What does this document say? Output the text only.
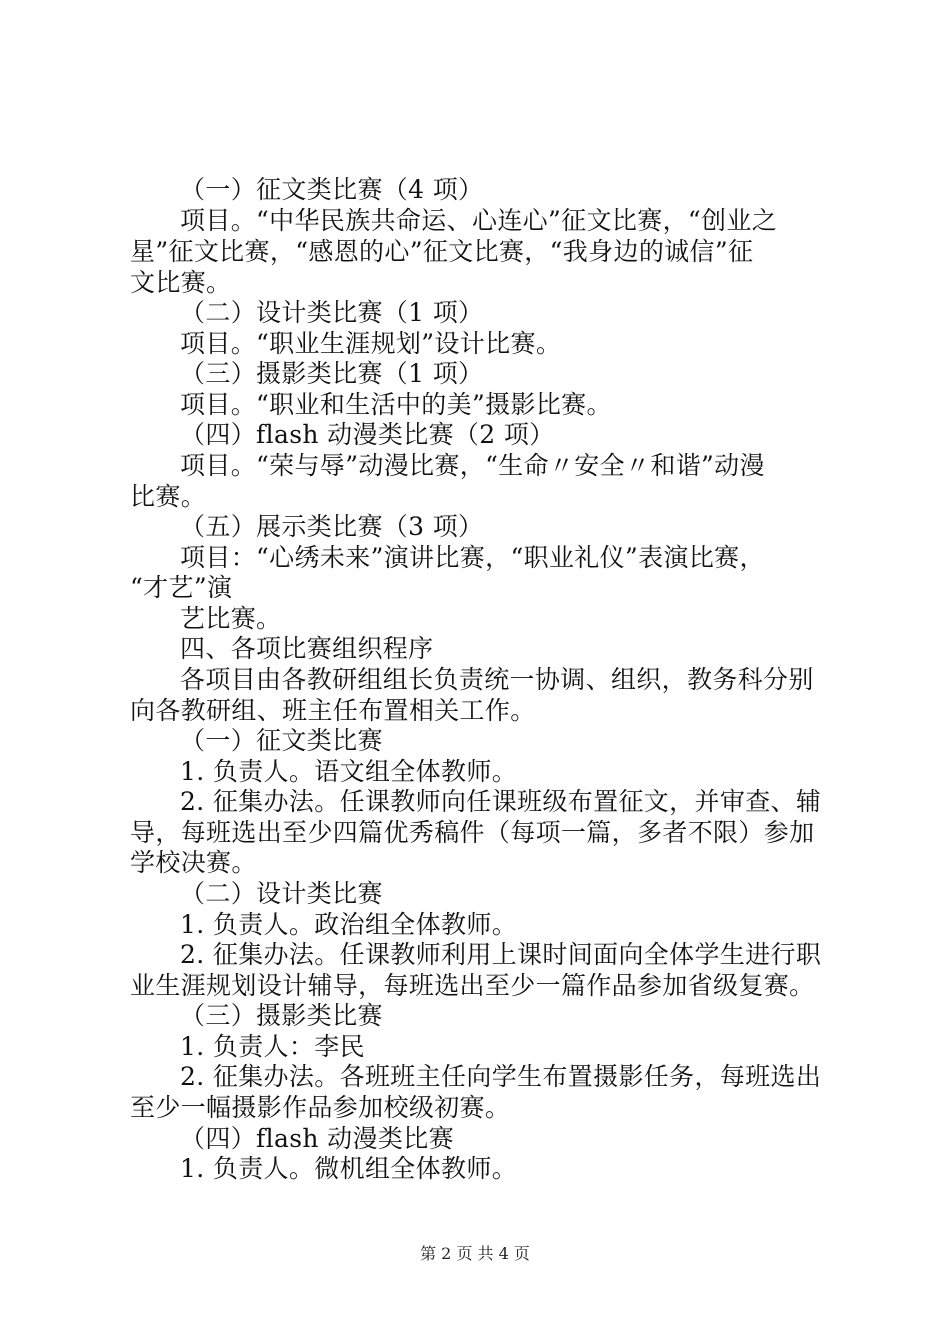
（一）征文类比赛（4 项）
项目。“中华民族共命运、心连心”征文比赛，“创业之
星”征文比赛，“感恩的心”征文比赛，“我身边的诚信”征
文比赛。
（二）设计类比赛（1 项）
项目。“职业生涯规划”设计比赛。
（三）摄影类比赛（1 项）
项目。“职业和生活中的美”摄影比赛。
（四）flash 动漫类比赛（2 项）
项目。“荣与辱”动漫比赛，“生命〃安全〃和谐”动漫
比赛。
（五）展示类比赛（3 项）
项目：“心绣未来”演讲比赛，“职业礼仪”表演比赛，
“才艺”演
艺比赛。
四、各项比赛组织程序
各项目由各教研组组长负责统一协调、组织，教务科分别
向各教研组、班主任布置相关工作。
（一）征文类比赛
1. 负责人。语文组全体教师。
2. 征集办法。任课教师向任课班级布置征文，并审查、辅
导，每班选出至少四篇优秀稿件（每项一篇，多者不限）参加
学校决赛。
（二）设计类比赛
1. 负责人。政治组全体教师。
2. 征集办法。任课教师利用上课时间面向全体学生进行职
业生涯规划设计辅导，每班选出至少一篇作品参加省级复赛。
（三）摄影类比赛
1. 负责人：李民
2. 征集办法。各班班主任向学生布置摄影任务，每班选出
至少一幅摄影作品参加校级初赛。
（四）flash 动漫类比赛
1. 负责人。微机组全体教师。
第 2 页 共 4 页
